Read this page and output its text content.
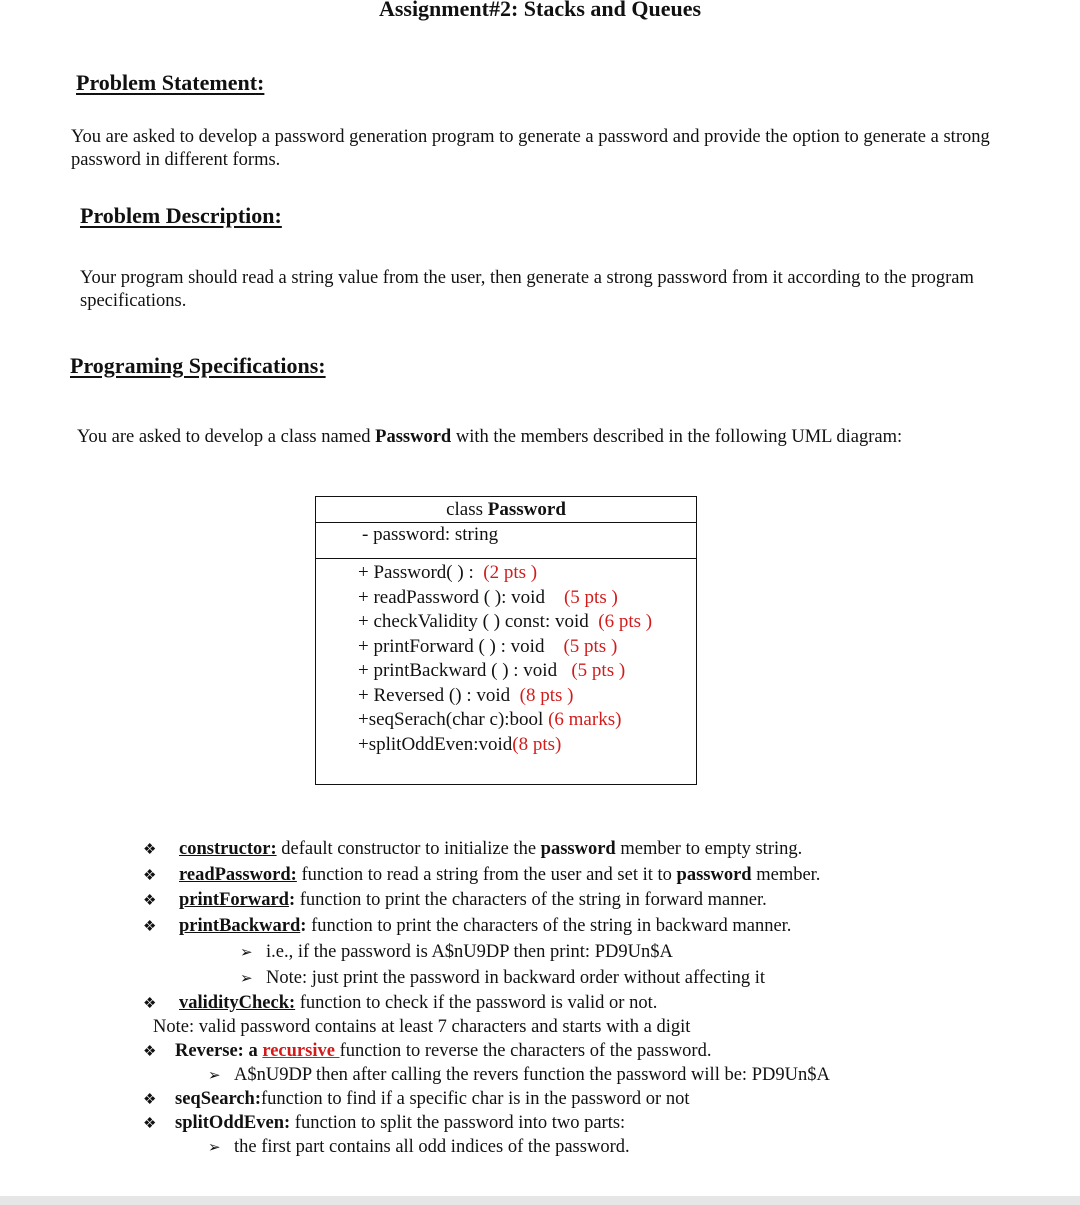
Assignment#2: Stacks and Queues
Problem Statement:
You are asked to develop a password generation program to generate a password and provide the option to generate a strong password in different forms.
Problem Description:
Your program should read a string value from the user, then generate a strong password from it according to the program specifications.
Programing Specifications:
You are asked to develop a class named Password with the members described in the following UML diagram:
class Password
- password: string
+ Password( ) :  (2 pts )
+ readPassword ( ): void    (5 pts )
+ checkValidity ( ) const: void  (6 pts )
+ printForward ( ) : void    (5 pts )
+ printBackward ( ) : void   (5 pts )
+ Reversed () : void  (8 pts )
+seqSerach(char c):bool (6 marks)
+splitOddEven:void(8 pts)
❖ constructor: default constructor to initialize the password member to empty string.
❖ readPassword: function to read a string from the user and set it to password member.
❖ printForward: function to print the characters of the string in forward manner.
❖ printBackward: function to print the characters of the string in backward manner.
➢ i.e., if the password is A$nU9DP then print: PD9Un$A
➢ Note: just print the password in backward order without affecting it
❖ validityCheck: function to check if the password is valid or not.
Note: valid password contains at least 7 characters and starts with a digit
❖ Reverse: a recursive function to reverse the characters of the password.
➢ A$nU9DP then after calling the revers function the password will be: PD9Un$A
❖ seqSearch:function to find if a specific char is in the password or not
❖ splitOddEven: function to split the password into two parts:
➢ the first part contains all odd indices of the password.
